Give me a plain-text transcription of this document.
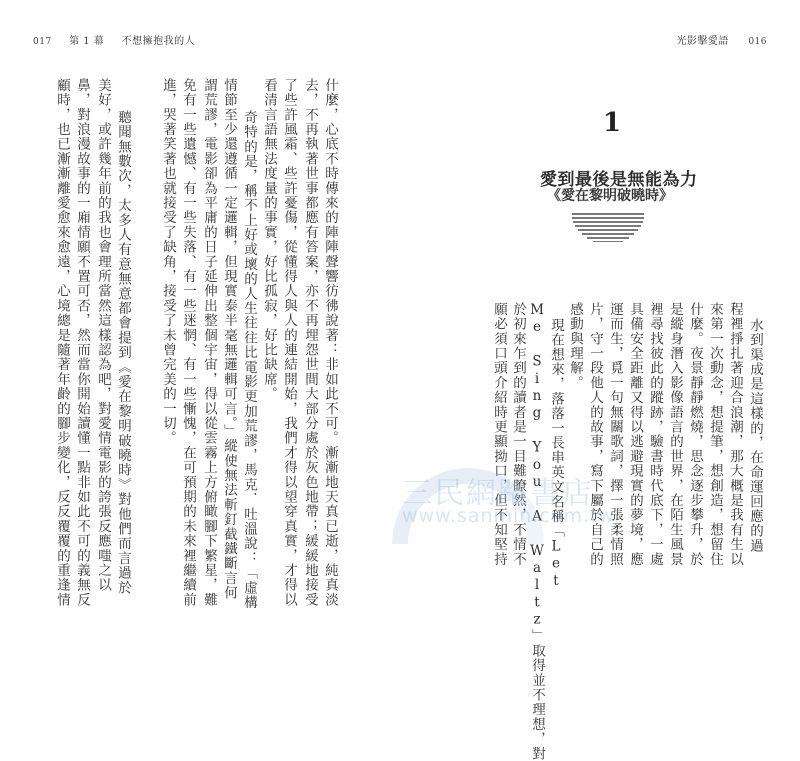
017 第 1 幕 不想擁抱我的人
什麼，心底不時傳來的陣陣聲響彷彿說著：非如此不可。漸漸地天真已逝，純真淡
去，不再執著世事都應有答案，亦不再埋怨世間大部分處於灰色地帶；緩緩地接受
了些許風霜、些許憂傷，從懂得人與人的連結開始，我們才得以望穿真實，才得以
看清言語無法度量的事實，好比孤寂，好比缺席。
奇特的是，稱不上好或壞的人生往往比電影更加荒謬，馬克．吐溫說：「虛構
情節至少還遵循一定邏輯，但現實泰半毫無邏輯可言。」縱使無法斬釘截鐵斷言何
謂荒謬，電影卻為平庸的日子延伸出整個宇宙，得以從雲霧上方俯瞰腳下繁星，難
免有一些遺憾、有一些失落、有一些迷惘、有一些慚愧，在可預期的未來裡繼續前
進，哭著笑著也就接受了缺角，接受了未曾完美的一切。
聽聞無數次，太多人有意無意都會提到《愛在黎明破曉時》對他們而言過於
美好，或許幾年前的我也會理所當然這樣認為吧，對愛情電影的誇張反應嗤之以
鼻，對浪漫故事的一廂情願不置可否，然而當你開始讀懂一點非如此不可的義無反
顧時，也已漸漸離愛愈來愈遠，心境總是隨著年齡的腳步變化，反反覆覆的重逢情
光影擊愛語 016
1
愛到最後是無能為力
《愛在黎明破曉時》
水到渠成是這樣的，在命運回應的過
程裡掙扎著迎合浪潮，那大概是我有生以
來第一次動念，想提筆，想創造，想留住
什麼。夜景靜靜燃燒，思念逐步攀升，於
是縱身潛入影像語言的世界，在陌生風景
裡尋找彼此的蹤跡，驗書時代底下，一處
具備安全距離又得以逃避現實的夢境，應
運而生，覓一句無關歌詞，擇一張柔情照
片，守一段他人的故事，寫下屬於自己的
感動與理解。
現在想來，落落一長串英文名稱「Let
Me Sing You A Waltz」取得並不理想，對
於初來乍到的讀者是一目難瞭然，不情不
願必須口頭介紹時更顯拗口，但不知堅持
三民網路書店
www.sanmin.com.tw
